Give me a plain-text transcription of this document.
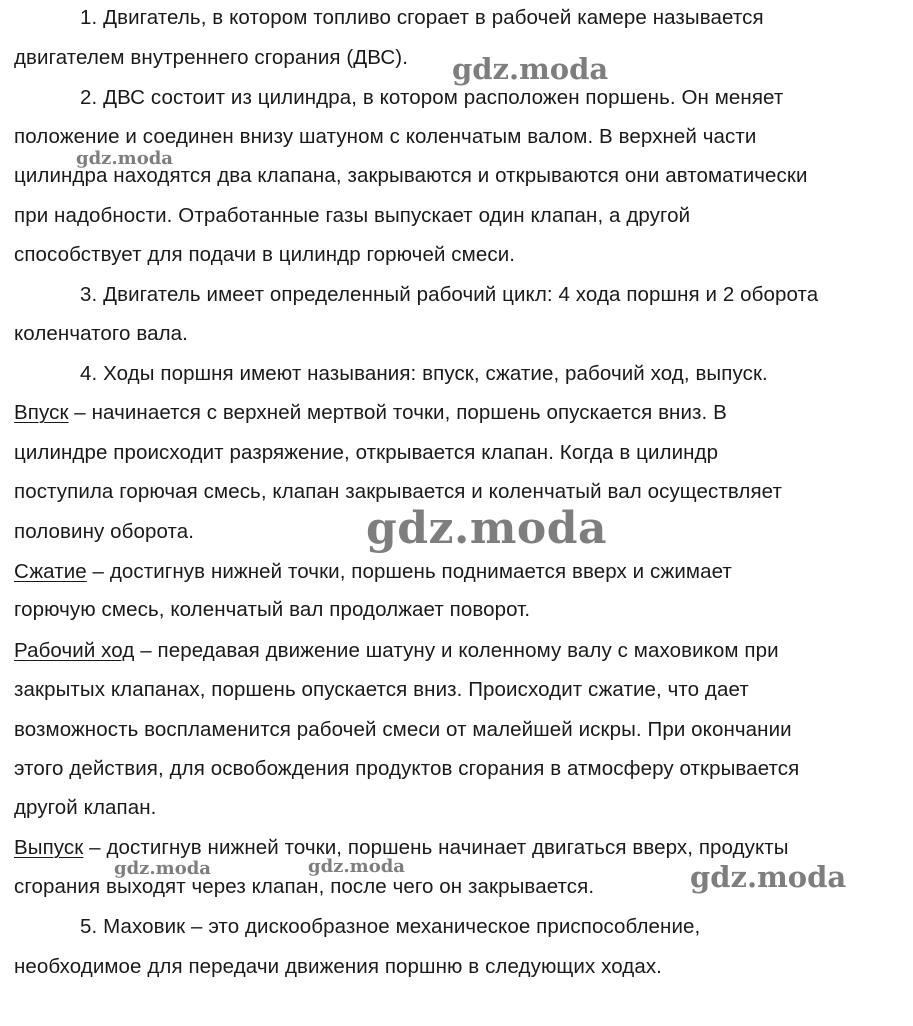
1. Двигатель, в котором топливо сгорает в рабочей камере называется
двигателем внутреннего сгорания (ДВС).
2. ДВС состоит из цилиндра, в котором расположен поршень. Он меняет
положение и соединен внизу шатуном с коленчатым валом. В верхней части
цилиндра находятся два клапана, закрываются и открываются они автоматически
при надобности. Отработанные газы выпускает один клапан, а другой
способствует для подачи в цилиндр горючей смеси.
3. Двигатель имеет определенный рабочий цикл: 4 хода поршня и 2 оборота
коленчатого вала.
4. Ходы поршня имеют называния: впуск, сжатие, рабочий ход, выпуск.
Впуск – начинается с верхней мертвой точки, поршень опускается вниз. В
цилиндре происходит разряжение, открывается клапан. Когда в цилиндр
поступила горючая смесь, клапан закрывается и коленчатый вал осуществляет
половину оборота.
Сжатие – достигнув нижней точки, поршень поднимается вверх и сжимает
горючую смесь, коленчатый вал продолжает поворот.
Рабочий ход – передавая движение шатуну и коленному валу с маховиком при
закрытых клапанах, поршень опускается вниз. Происходит сжатие, что дает
возможность воспламенится рабочей смеси от малейшей искры. При окончании
этого действия, для освобождения продуктов сгорания в атмосферу открывается
другой клапан.
Выпуск – достигнув нижней точки, поршень начинает двигаться вверх, продукты
сгорания выходят через клапан, после чего он закрывается.
5. Маховик – это дискообразное механическое приспособление,
необходимое для передачи движения поршню в следующих ходах.
gdz.moda
gdz.moda
gdz.moda
gdz.moda	gdz.moda	gdz.moda
